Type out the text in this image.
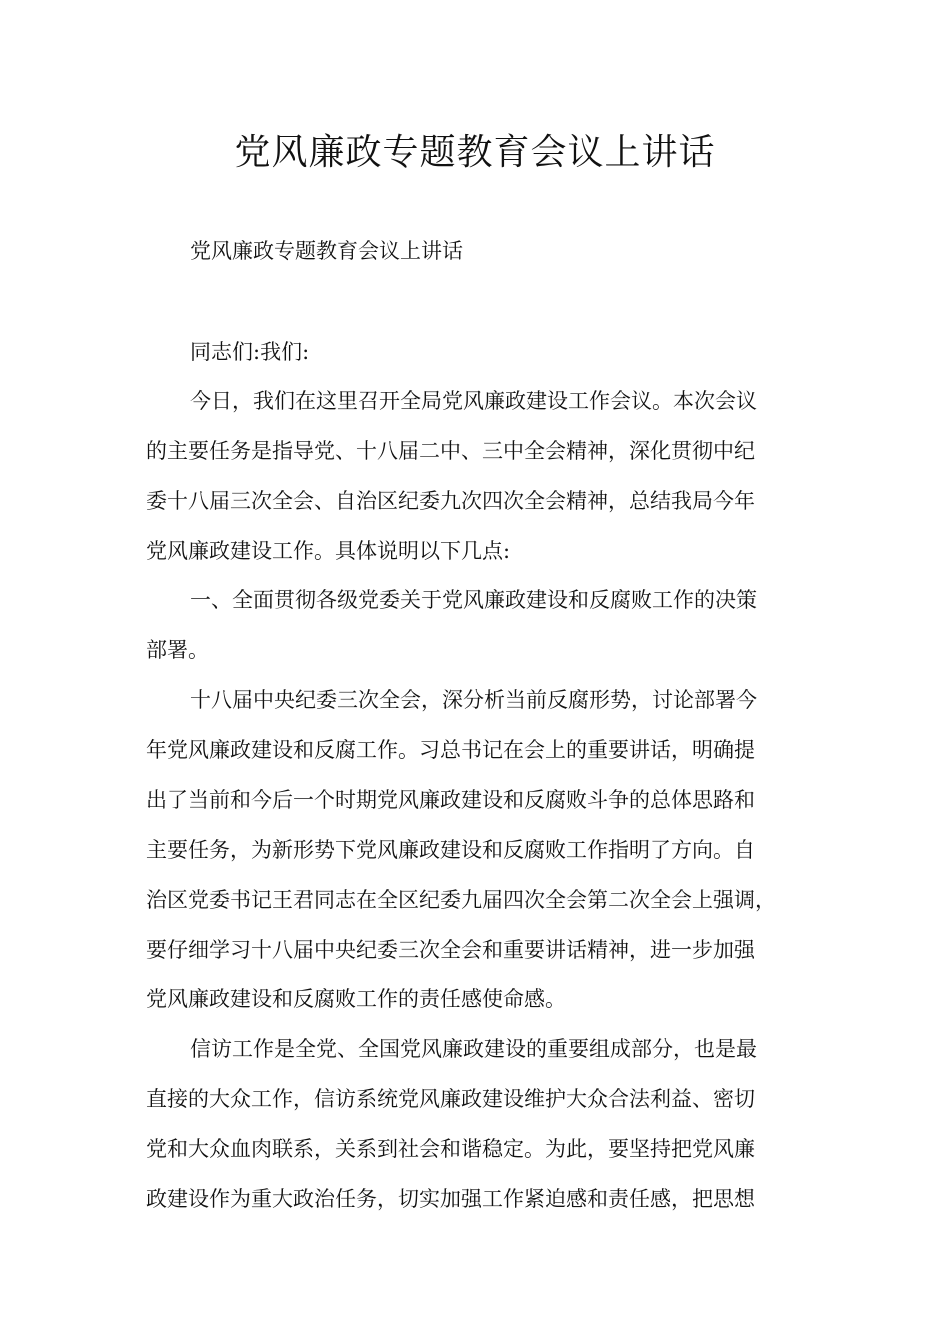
党风廉政专题教育会议上讲话
党风廉政专题教育会议上讲话
同志们:我们:
今日，我们在这里召开全局党风廉政建设工作会议。本次会议
的主要任务是指导党、十八届二中、三中全会精神，深化贯彻中纪
委十八届三次全会、自治区纪委九次四次全会精神，总结我局今年
党风廉政建设工作。具体说明以下几点:
一、全面贯彻各级党委关于党风廉政建设和反腐败工作的决策
部署。
十八届中央纪委三次全会，深分析当前反腐形势，讨论部署今
年党风廉政建设和反腐工作。习总书记在会上的重要讲话，明确提
出了当前和今后一个时期党风廉政建设和反腐败斗争的总体思路和
主要任务，为新形势下党风廉政建设和反腐败工作指明了方向。自
治区党委书记王君同志在全区纪委九届四次全会第二次全会上强调，
要仔细学习十八届中央纪委三次全会和重要讲话精神，进一步加强
党风廉政建设和反腐败工作的责任感使命感。
信访工作是全党、全国党风廉政建设的重要组成部分，也是最
直接的大众工作，信访系统党风廉政建设维护大众合法利益、密切
党和大众血肉联系，关系到社会和谐稳定。为此，要坚持把党风廉
政建设作为重大政治任务，切实加强工作紧迫感和责任感，把思想
